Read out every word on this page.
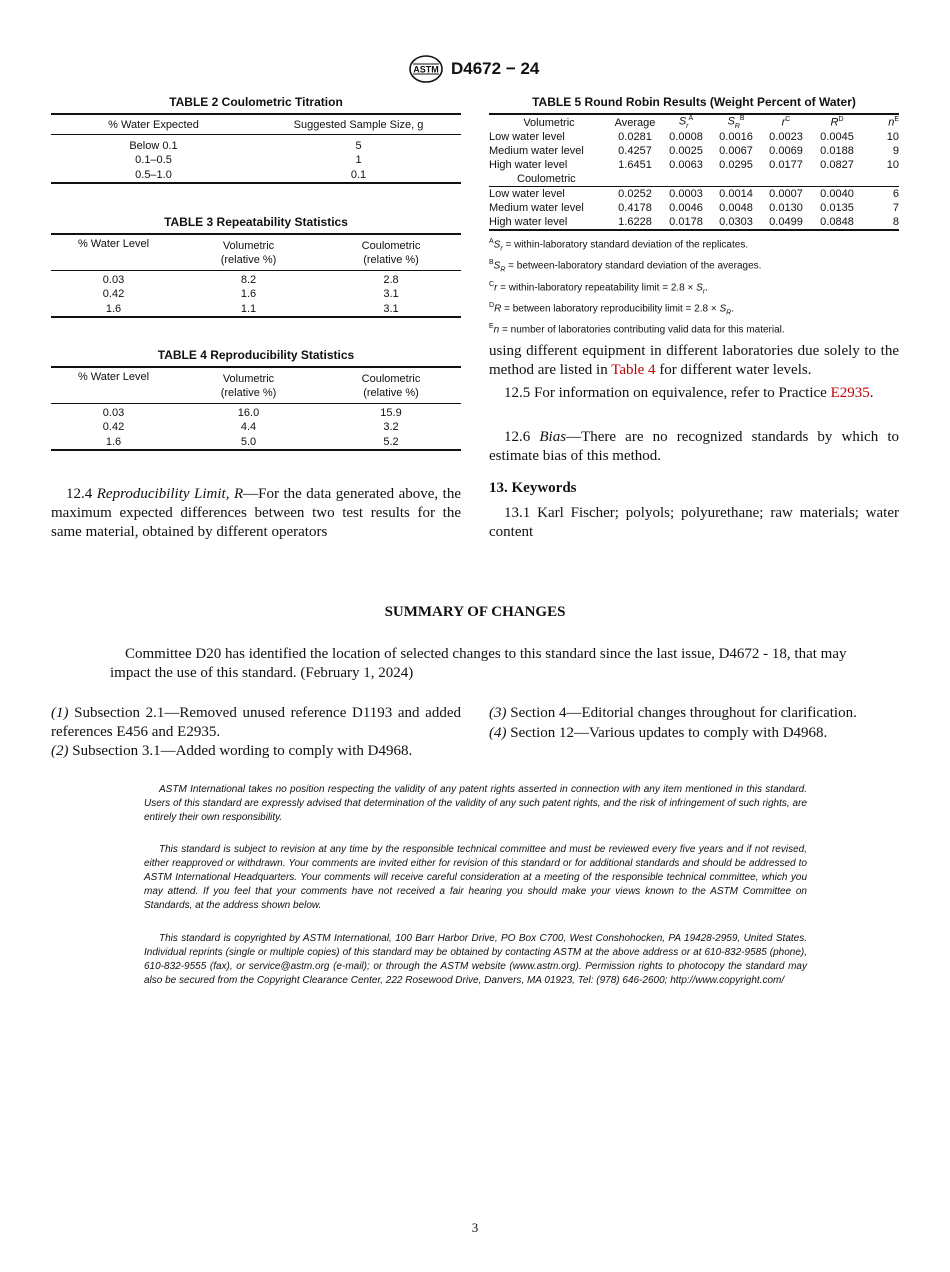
ASTM D4672 − 24
TABLE 2 Coulometric Titration
% Water Expected	Suggested Sample Size, g
Below 0.1	5
0.1–0.5	1
0.5–1.0	0.1
TABLE 3 Repeatability Statistics
% Water Level	Volumetric	Coulometric
	(relative %)	(relative %)
0.03	8.2	2.8
0.42	1.6	3.1
1.6	1.1	3.1
TABLE 4 Reproducibility Statistics
% Water Level	Volumetric	Coulometric
	(relative %)	(relative %)
0.03	16.0	15.9
0.42	4.4	3.2
1.6	5.0	5.2
12.4 Reproducibility Limit, R—For the data generated above, the maximum expected differences between two test results for the same material, obtained by different operators
TABLE 5 Round Robin Results (Weight Percent of Water)
Volumetric	Average	$S_r^A$	$S_R^B$	$r^C$	$R^D$	$n^E$
Low water level	0.0281	0.0008	0.0016	0.0023	0.0045	10
Medium water level	0.4257	0.0025	0.0067	0.0069	0.0188	9
High water level	1.6451	0.0063	0.0295	0.0177	0.0827	10
Coulometric						
Low water level	0.0252	0.0003	0.0014	0.0007	0.0040	6
Medium water level	0.4178	0.0046	0.0048	0.0130	0.0135	7
High water level	1.6228	0.0178	0.0303	0.0499	0.0848	8
$^AS_r$ = within-laboratory standard deviation of the replicates.
$^BS_R$ = between-laboratory standard deviation of the averages.
$^C$r = within-laboratory repeatability limit = $2.8 \times S_r$.
$^D$R = between laboratory reproducibility limit = $2.8 \times S_R$.
$^E$n = number of laboratories contributing valid data for this material.
using different equipment in different laboratories due solely to the method are listed in Table 4 for different water levels.
12.5 For information on equivalence, refer to Practice E2935.
12.6 Bias—There are no recognized standards by which to estimate bias of this method.
13. Keywords
13.1 Karl Fischer; polyols; polyurethane; raw materials; water content
SUMMARY OF CHANGES
Committee D20 has identified the location of selected changes to this standard since the last issue, D4672 - 18, that may impact the use of this standard. (February 1, 2024)
(1) Subsection 2.1—Removed unused reference D1193 and added references E456 and E2935.
(2) Subsection 3.1—Added wording to comply with D4968.
(3) Section 4—Editorial changes throughout for clarification.
(4) Section 12—Various updates to comply with D4968.
ASTM International takes no position respecting the validity of any patent rights asserted in connection with any item mentioned in this standard. Users of this standard are expressly advised that determination of the validity of any such patent rights, and the risk of infringement of such rights, are entirely their own responsibility.
This standard is subject to revision at any time by the responsible technical committee and must be reviewed every five years and if not revised, either reapproved or withdrawn. Your comments are invited either for revision of this standard or for additional standards and should be addressed to ASTM International Headquarters. Your comments will receive careful consideration at a meeting of the responsible technical committee, which you may attend. If you feel that your comments have not received a fair hearing you should make your views known to the ASTM Committee on Standards, at the address shown below.
This standard is copyrighted by ASTM International, 100 Barr Harbor Drive, PO Box C700, West Conshohocken, PA 19428-2959, United States. Individual reprints (single or multiple copies) of this standard may be obtained by contacting ASTM at the above address or at 610-832-9585 (phone), 610-832-9555 (fax), or service@astm.org (e-mail); or through the ASTM website (www.astm.org). Permission rights to photocopy the standard may also be secured from the Copyright Clearance Center, 222 Rosewood Drive, Danvers, MA 01923, Tel: (978) 646-2600; http://www.copyright.com/
3
